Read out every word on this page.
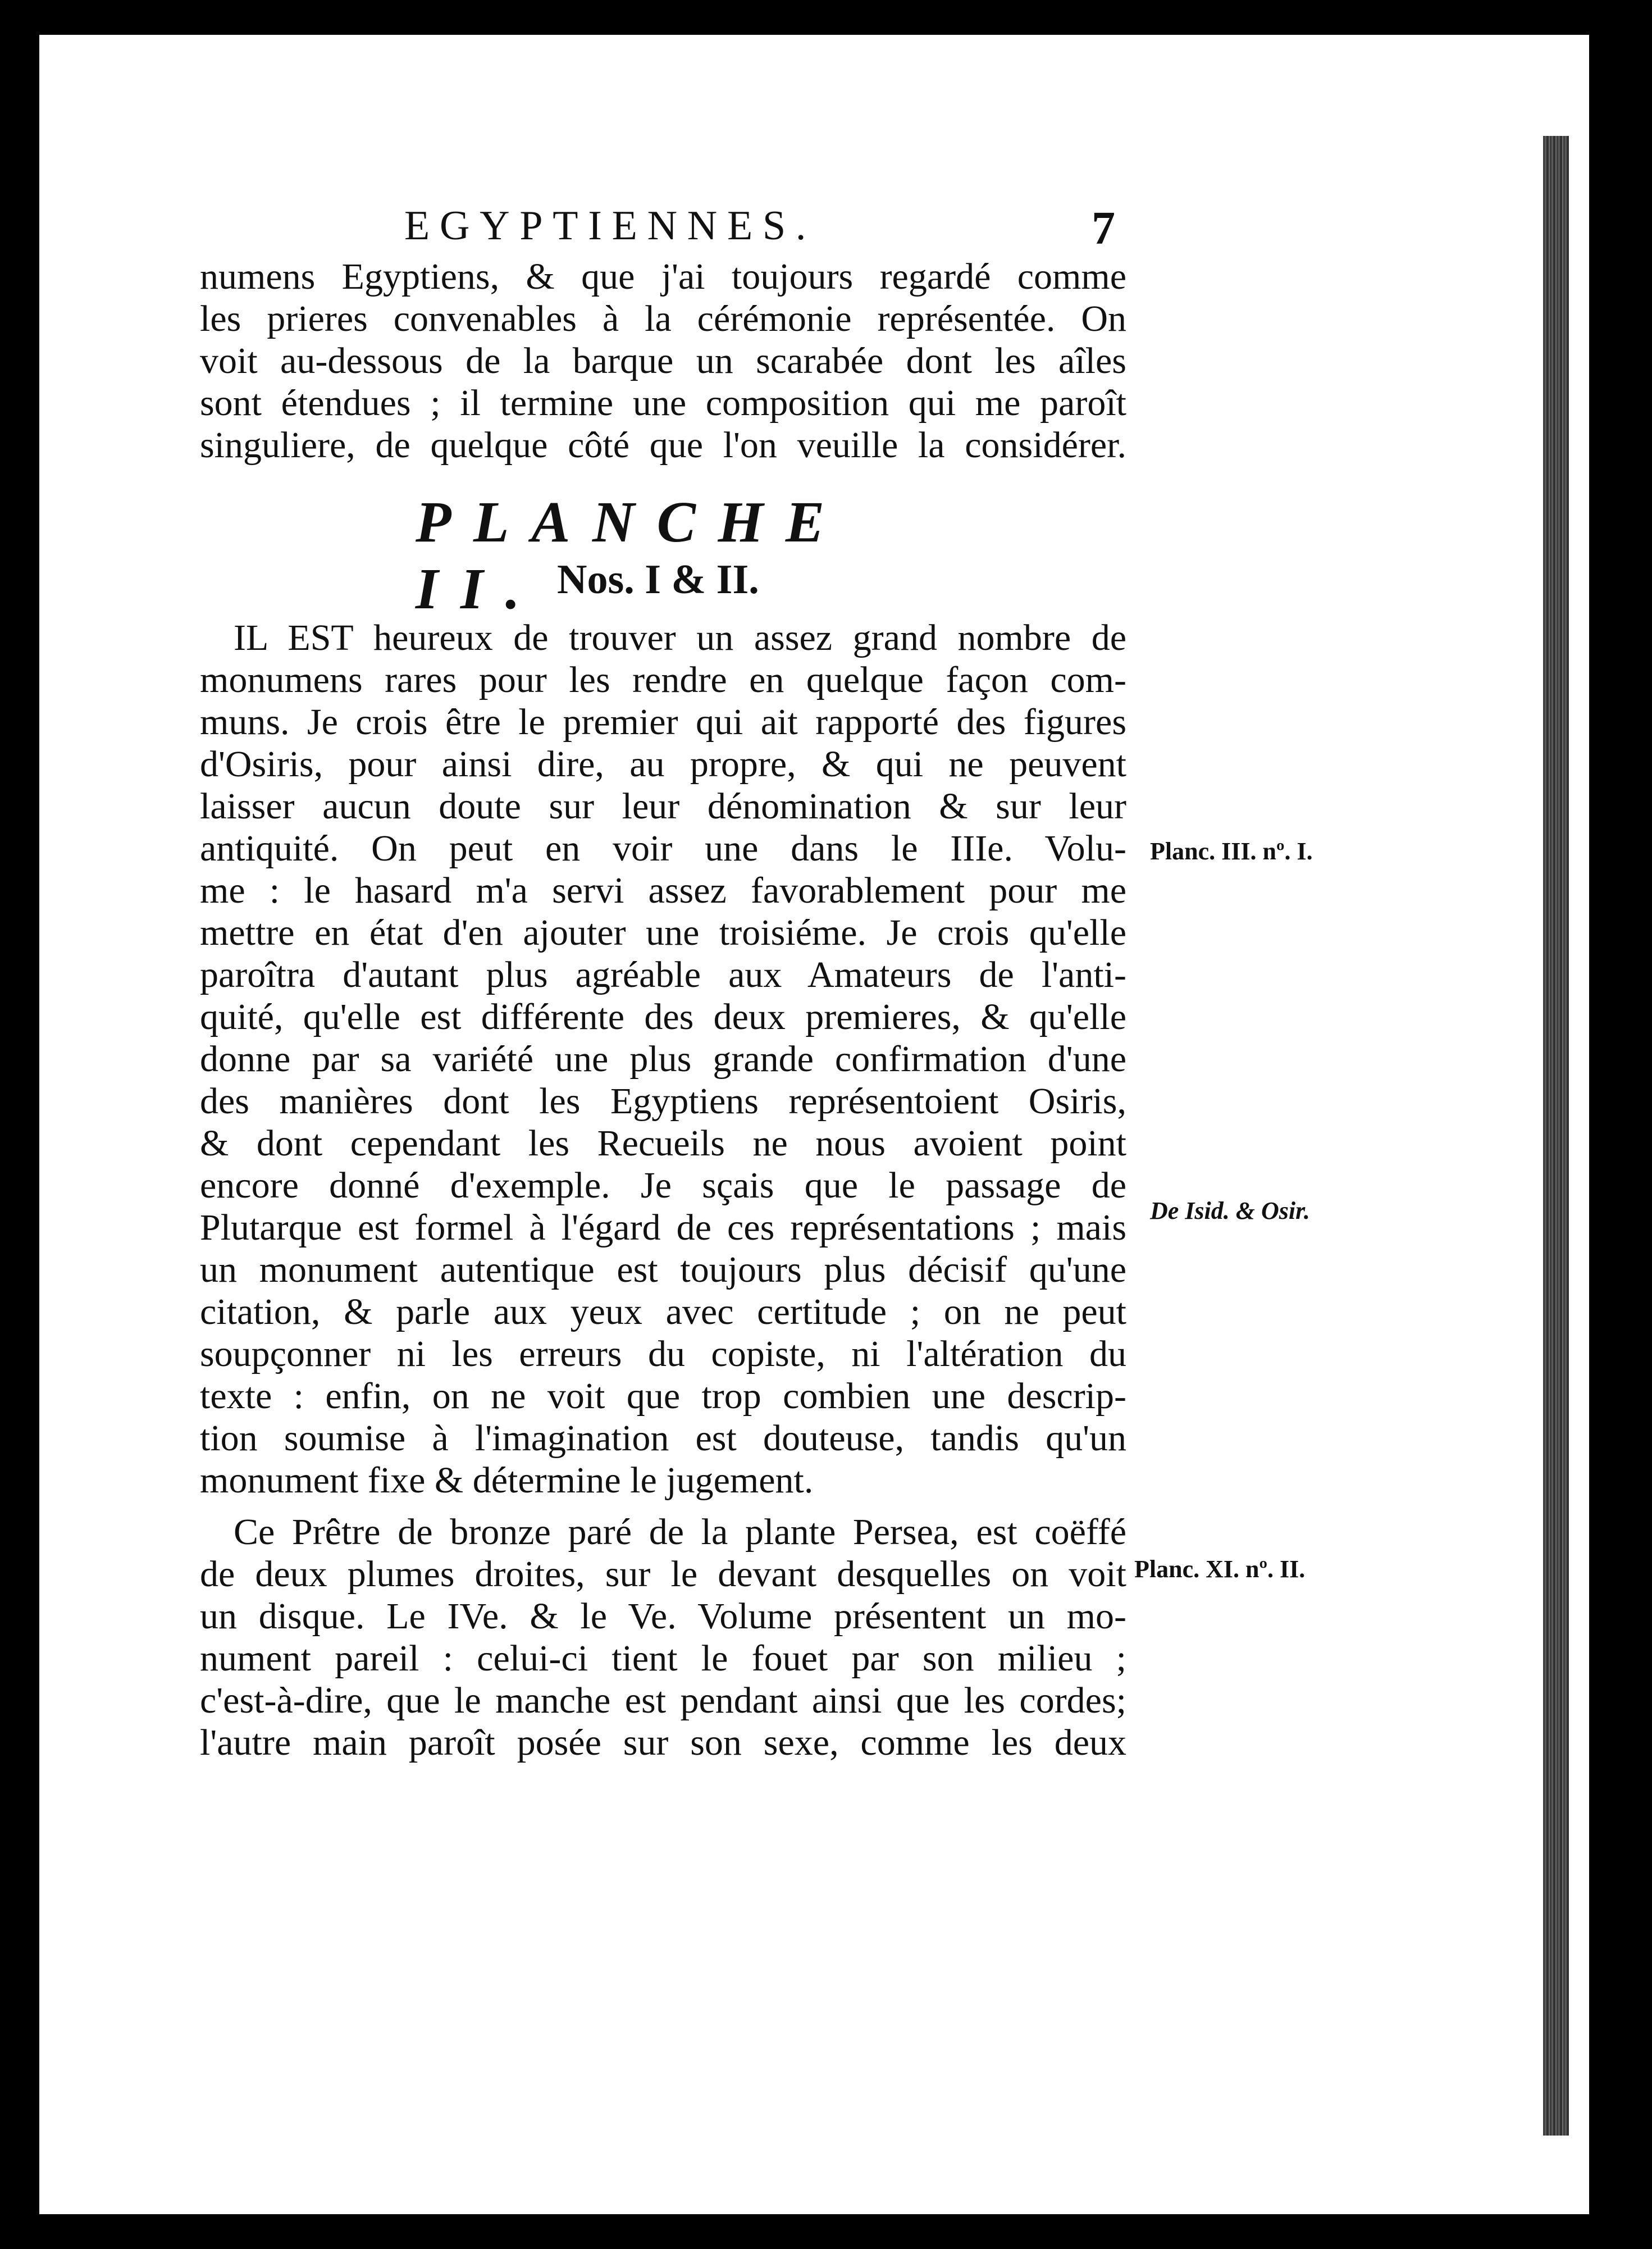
EGYPTIENNES.	7
numens Egyptiens, & que j'ai toujours regardé comme
les prieres convenables à la cérémonie représentée. On
voit au-dessous de la barque un scarabée dont les aîles
sont étendues ; il termine une composition qui me paroît
singuliere, de quelque côté que l'on veuille la considérer.
PLANCHE II. Nos. I & II.
IL EST heureux de trouver un assez grand nombre de
monumens rares pour les rendre en quelque façon com-
muns. Je crois être le premier qui ait rapporté des figures
d'Osiris, pour ainsi dire, au propre, & qui ne peuvent
laisser aucun doute sur leur dénomination & sur leur
antiquité. On peut en voir une dans le IIIe. Volu-
me : le hasard m'a servi assez favorablement pour me
mettre en état d'en ajouter une troisiéme. Je crois qu'elle
paroîtra d'autant plus agréable aux Amateurs de l'anti-
quité, qu'elle est différente des deux premieres, & qu'elle
donne par sa variété une plus grande confirmation d'une
des manières dont les Egyptiens représentoient Osiris,
& dont cependant les Recueils ne nous avoient point
encore donné d'exemple. Je sçais que le passage de
Plutarque est formel à l'égard de ces représentations ; mais
un monument autentique est toujours plus décisif qu'une
citation, & parle aux yeux avec certitude ; on ne peut
soupçonner ni les erreurs du copiste, ni l'altération du
texte : enfin, on ne voit que trop combien une descrip-
tion soumise à l'imagination est douteuse, tandis qu'un
monument fixe & détermine le jugement.
Ce Prêtre de bronze paré de la plante Persea, est coëffé
de deux plumes droites, sur le devant desquelles on voit
un disque. Le IVe. & le Ve. Volume présentent un mo-
nument pareil : celui-ci tient le fouet par son milieu ;
c'est-à-dire, que le manche est pendant ainsi que les cordes;
l'autre main paroît posée sur son sexe, comme les deux
Planc. III. nº. I.
De Isid. & Osir.
Planc. XI. nº. II.
